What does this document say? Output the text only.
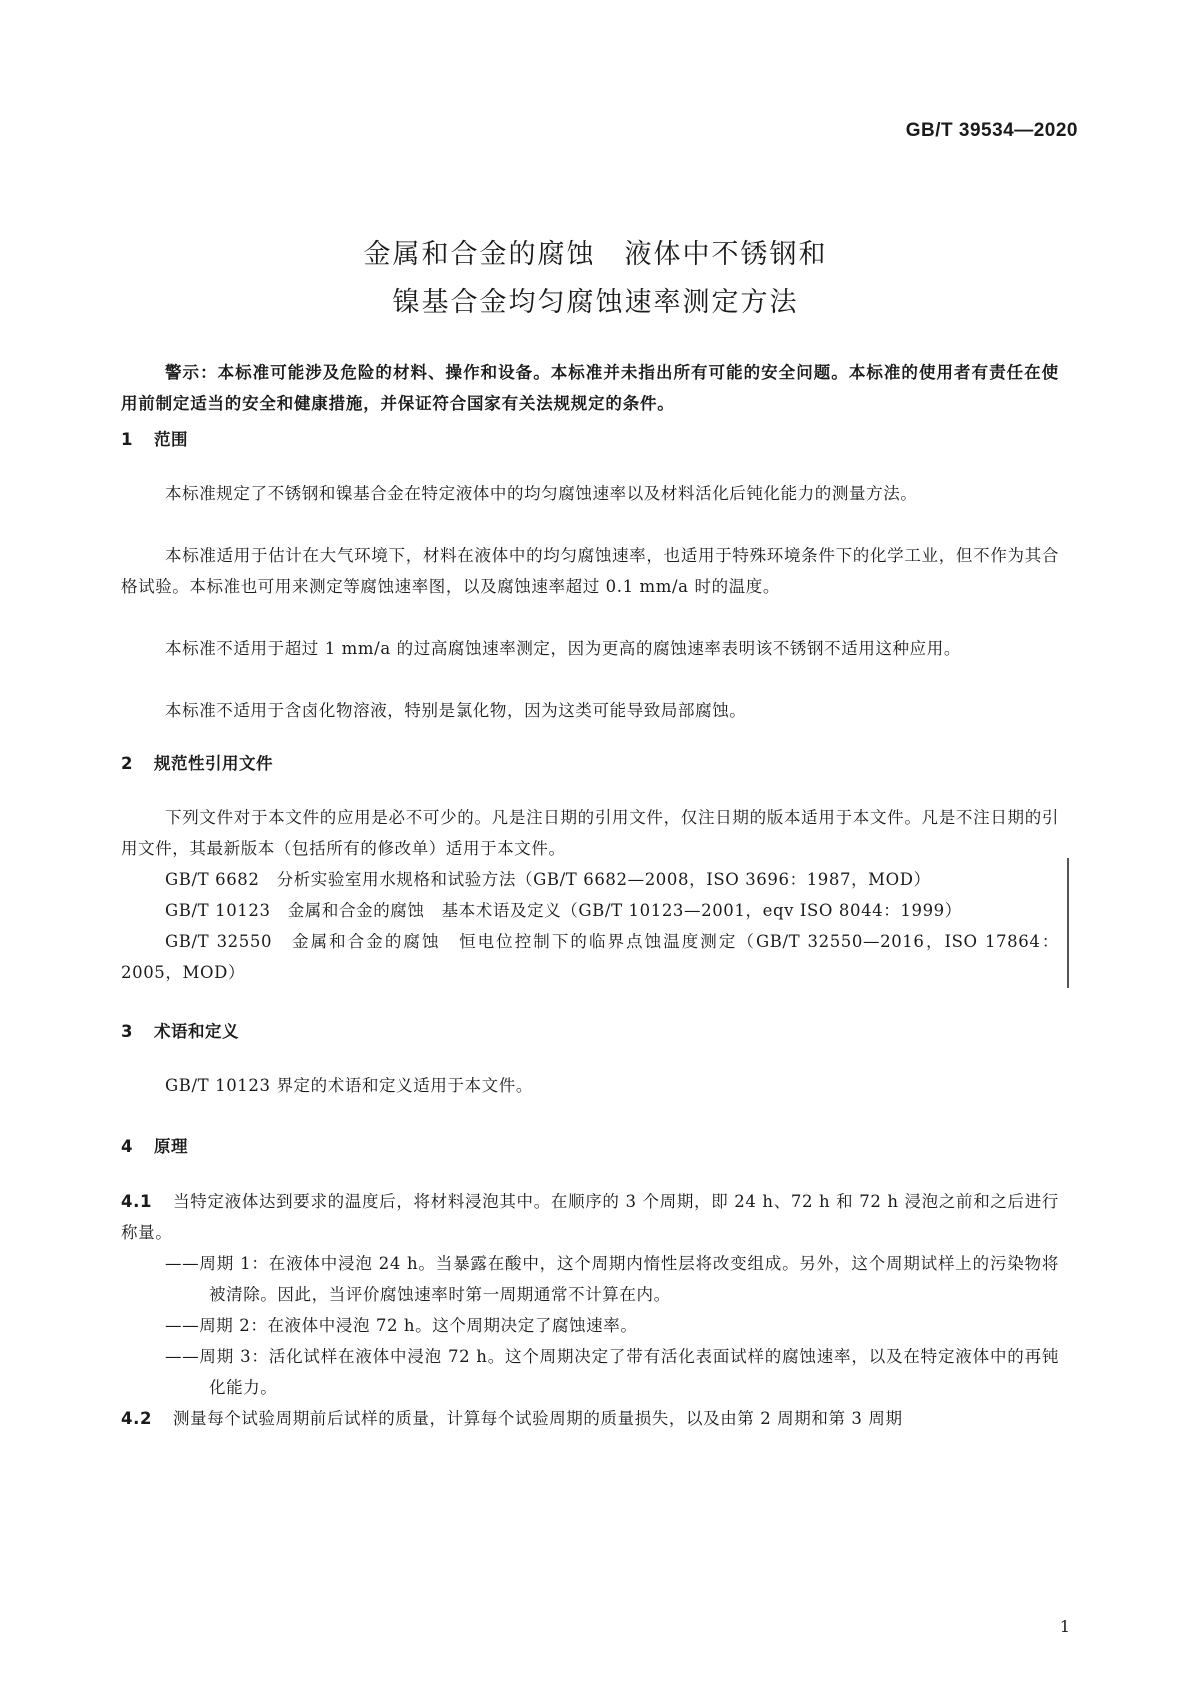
GB/T 39534—2020
金属和合金的腐蚀　液体中不锈钢和
镍基合金均匀腐蚀速率测定方法
警示：本标准可能涉及危险的材料、操作和设备。本标准并未指出所有可能的安全问题。本标准的使用者有责任在使用前制定适当的安全和健康措施，并保证符合国家有关法规规定的条件。
1 范围
本标准规定了不锈钢和镍基合金在特定液体中的均匀腐蚀速率以及材料活化后钝化能力的测量方法。
本标准适用于估计在大气环境下，材料在液体中的均匀腐蚀速率，也适用于特殊环境条件下的化学工业，但不作为其合格试验。本标准也可用来测定等腐蚀速率图，以及腐蚀速率超过 0.1 mm/a 时的温度。
本标准不适用于超过 1 mm/a 的过高腐蚀速率测定，因为更高的腐蚀速率表明该不锈钢不适用这种应用。
本标准不适用于含卤化物溶液，特别是氯化物，因为这类可能导致局部腐蚀。
2 规范性引用文件
下列文件对于本文件的应用是必不可少的。凡是注日期的引用文件，仅注日期的版本适用于本文件。凡是不注日期的引用文件，其最新版本（包括所有的修改单）适用于本文件。
GB/T 6682　分析实验室用水规格和试验方法（GB/T 6682—2008，ISO 3696：1987，MOD）
GB/T 10123　金属和合金的腐蚀　基本术语及定义（GB/T 10123—2001，eqv ISO 8044：1999）
GB/T 32550　金属和合金的腐蚀　恒电位控制下的临界点蚀温度测定（GB/T 32550—2016，ISO 17864：2005，MOD）
3 术语和定义
GB/T 10123 界定的术语和定义适用于本文件。
4 原理
4.1 当特定液体达到要求的温度后，将材料浸泡其中。在顺序的 3 个周期，即 24 h、72 h 和 72 h 浸泡之前和之后进行称量。
——周期 1：在液体中浸泡 24 h。当暴露在酸中，这个周期内惰性层将改变组成。另外，这个周期试样上的污染物将被清除。因此，当评价腐蚀速率时第一周期通常不计算在内。
——周期 2：在液体中浸泡 72 h。这个周期决定了腐蚀速率。
——周期 3：活化试样在液体中浸泡 72 h。这个周期决定了带有活化表面试样的腐蚀速率，以及在特定液体中的再钝化能力。
4.2 测量每个试验周期前后试样的质量，计算每个试验周期的质量损失，以及由第 2 周期和第 3 周期
1
